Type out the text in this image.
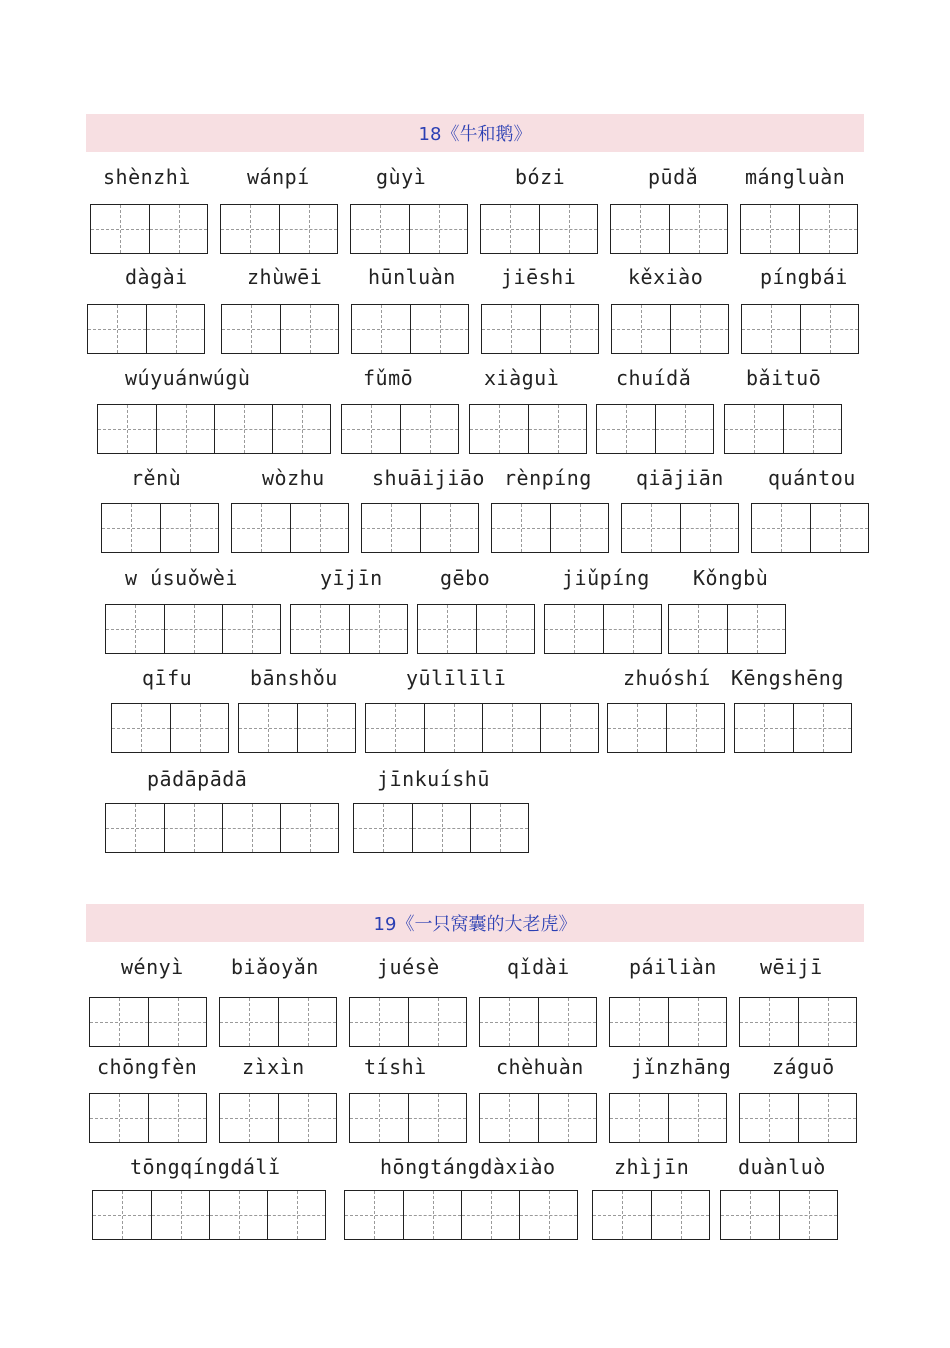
18《牛和鹅》
shènzhì	wánpí	gùyì	bózi	pūdǎ mángluàn
dàgài	zhùwēi hūnluàn jiēshi	kěxiào	píngbái
wúyuánwúgù	fǔmō	xiàguì	chuídǎ	bǎituō
rěnù	wòzhu shuāijiāo rènpíng qiājiān quántou
w úsuǒwèi	yījīn	gēbo	jiǔpíng Kǒngbù
qīfu	bānshǒu	yūlīlīlī	zhuóshí Kēngshēng
pādāpādā	jīnkuíshū
19《一只窝囊的大老虎》
wényì biǎoyǎn	juésè	qǐdài	páiliàn wēijī
chōngfèn zìxìn	tíshì	chèhuàn jǐnzhāng záguō
tōngqíngdálǐ	hōngtángdàxiào	zhìjīn duànluò
